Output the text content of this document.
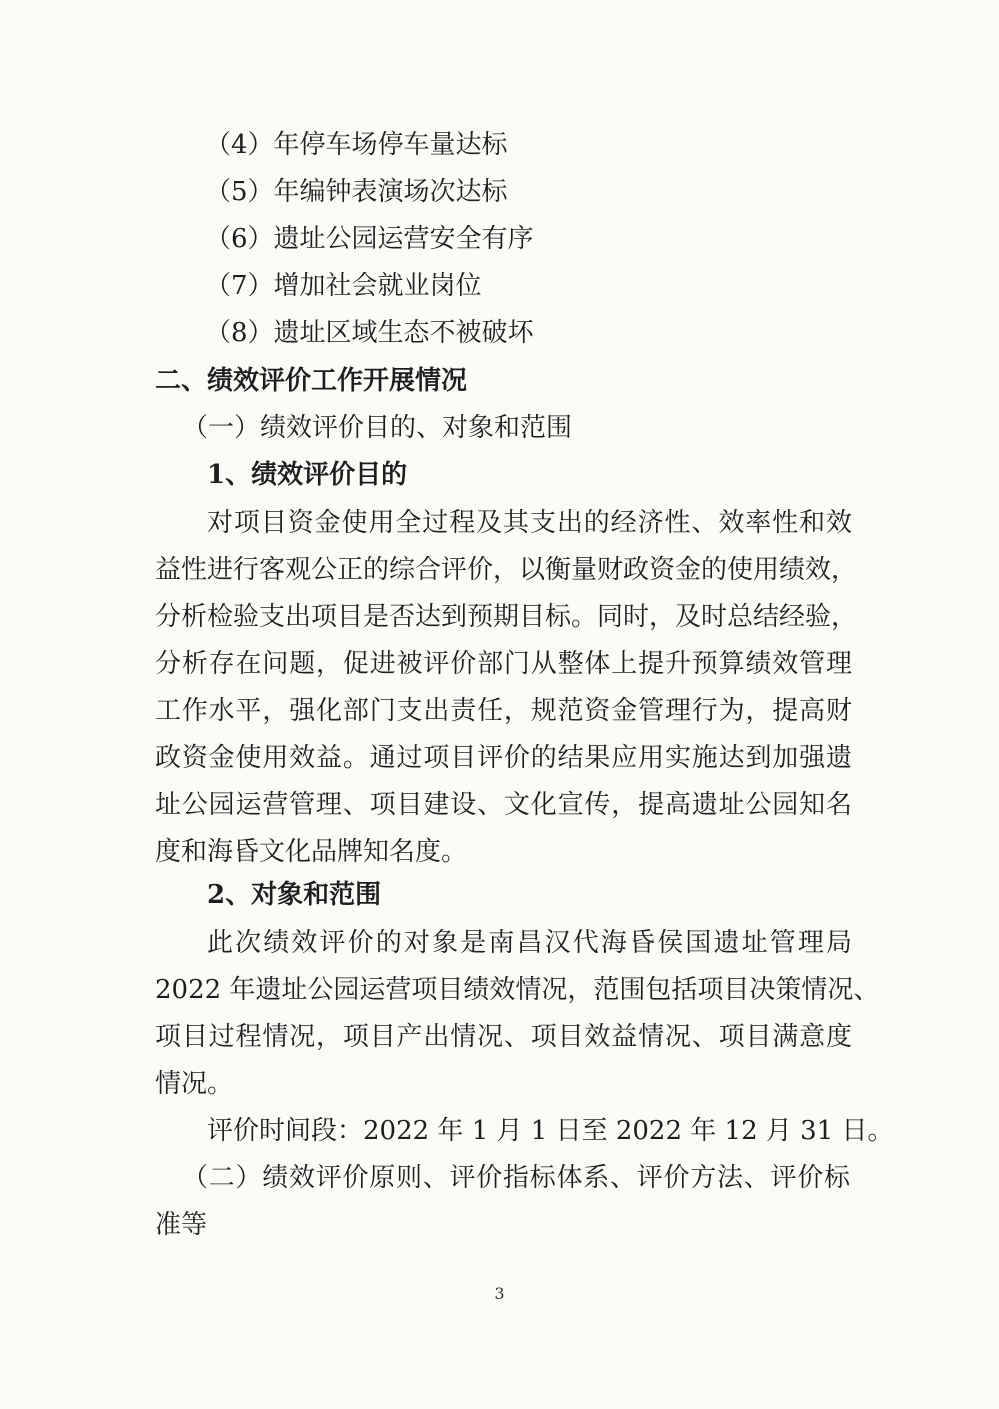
（4）年停车场停车量达标
（5）年编钟表演场次达标
（6）遗址公园运营安全有序
（7）增加社会就业岗位
（8）遗址区域生态不被破坏
二、绩效评价工作开展情况
（一）绩效评价目的、对象和范围
1、绩效评价目的
对项目资金使用全过程及其支出的经济性、效率性和效
益性进行客观公正的综合评价，以衡量财政资金的使用绩效，
分析检验支出项目是否达到预期目标。同时，及时总结经验，
分析存在问题，促进被评价部门从整体上提升预算绩效管理
工作水平，强化部门支出责任，规范资金管理行为，提高财
政资金使用效益。通过项目评价的结果应用实施达到加强遗
址公园运营管理、项目建设、文化宣传，提高遗址公园知名
度和海昏文化品牌知名度。
2、对象和范围
此次绩效评价的对象是南昌汉代海昏侯国遗址管理局
2022 年遗址公园运营项目绩效情况，范围包括项目决策情况、
项目过程情况，项目产出情况、项目效益情况、项目满意度
情况。
评价时间段：2022 年 1 月 1 日至 2022 年 12 月 31 日。
（二）绩效评价原则、评价指标体系、评价方法、评价标
准等
3
